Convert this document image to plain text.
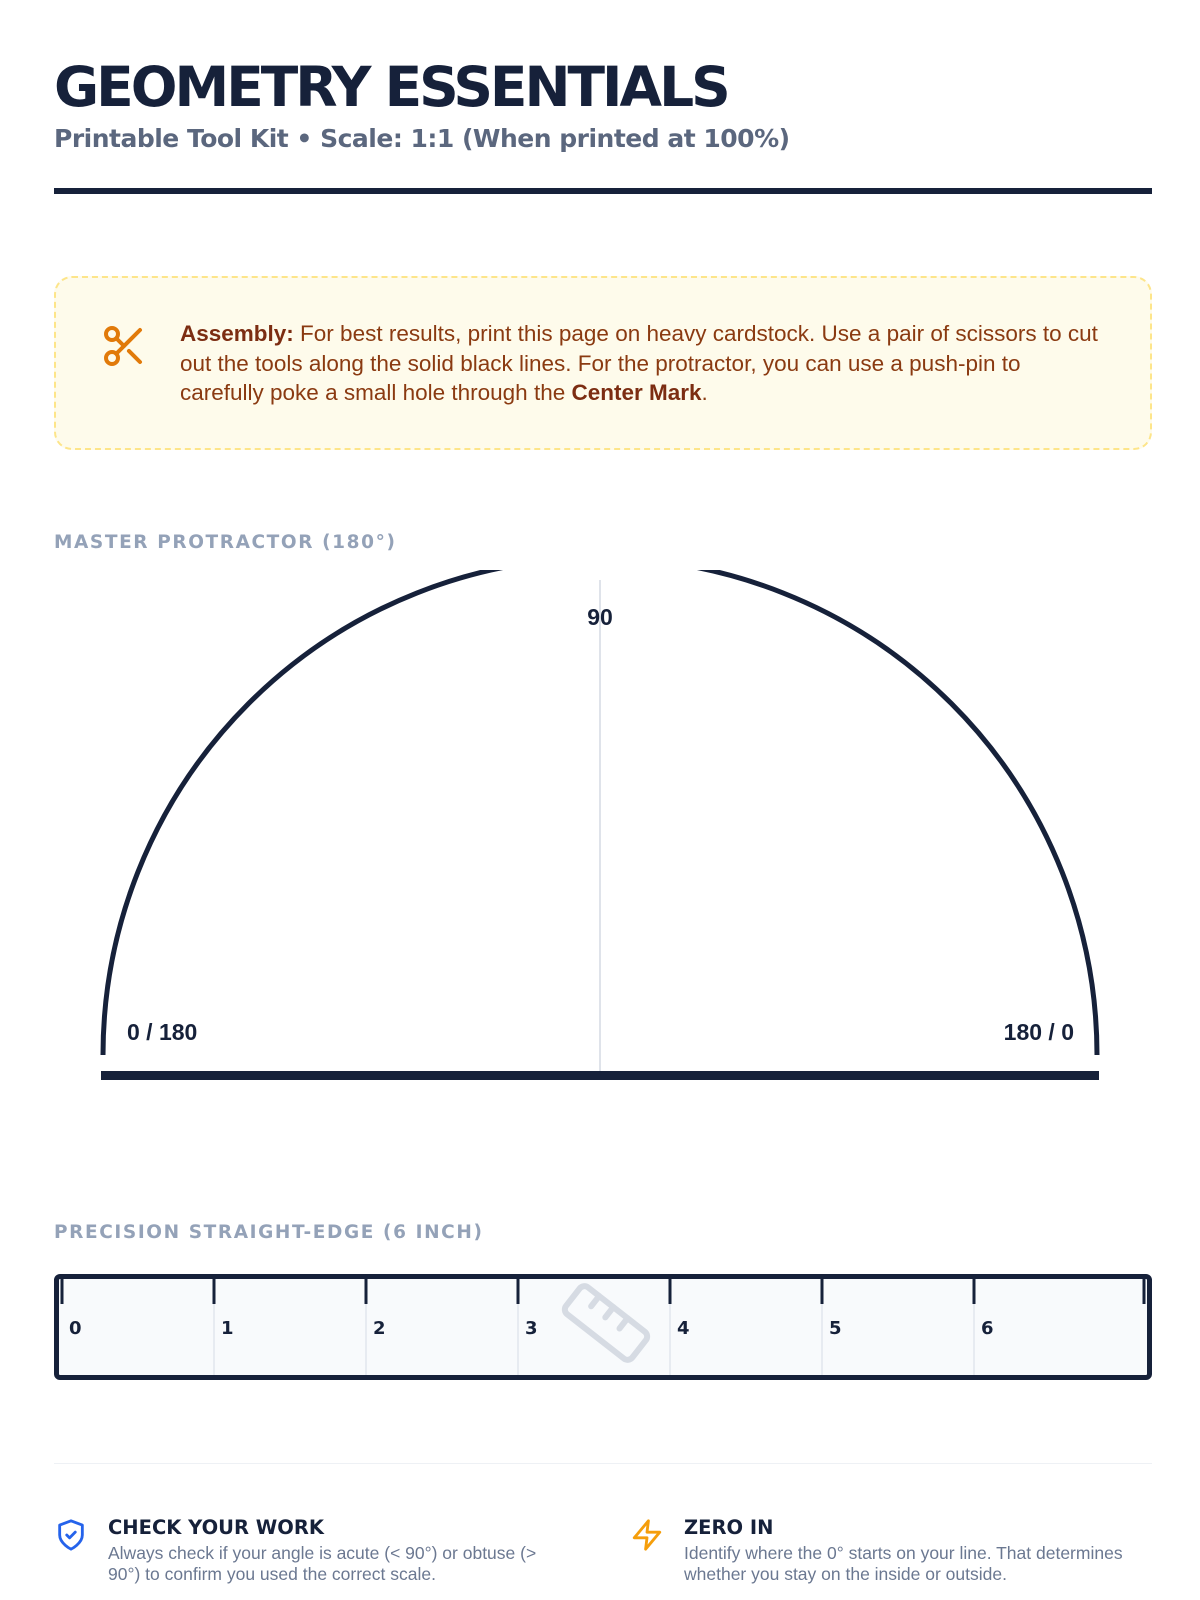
GEOMETRY ESSENTIALS
Printable Tool Kit • Scale: 1:1 (When printed at 100%)

Assembly: For best results, print this page on heavy cardstock. Use a pair of scissors to cut out the tools along the solid black lines. For the protractor, you can use a push-pin to carefully poke a small hole through the Center Mark.

MASTER PROTRACTOR (180°)
90
0 / 180	180 / 0
PRECISION STRAIGHT-EDGE (6 INCH)
0	1	2	3	4	5	6
CHECK YOUR WORK
Always check if your angle is acute (< 90°) or obtuse (> 90°) to confirm you used the correct scale.
ZERO IN
Identify where the 0° starts on your line. That determines whether you stay on the inside or outside.
